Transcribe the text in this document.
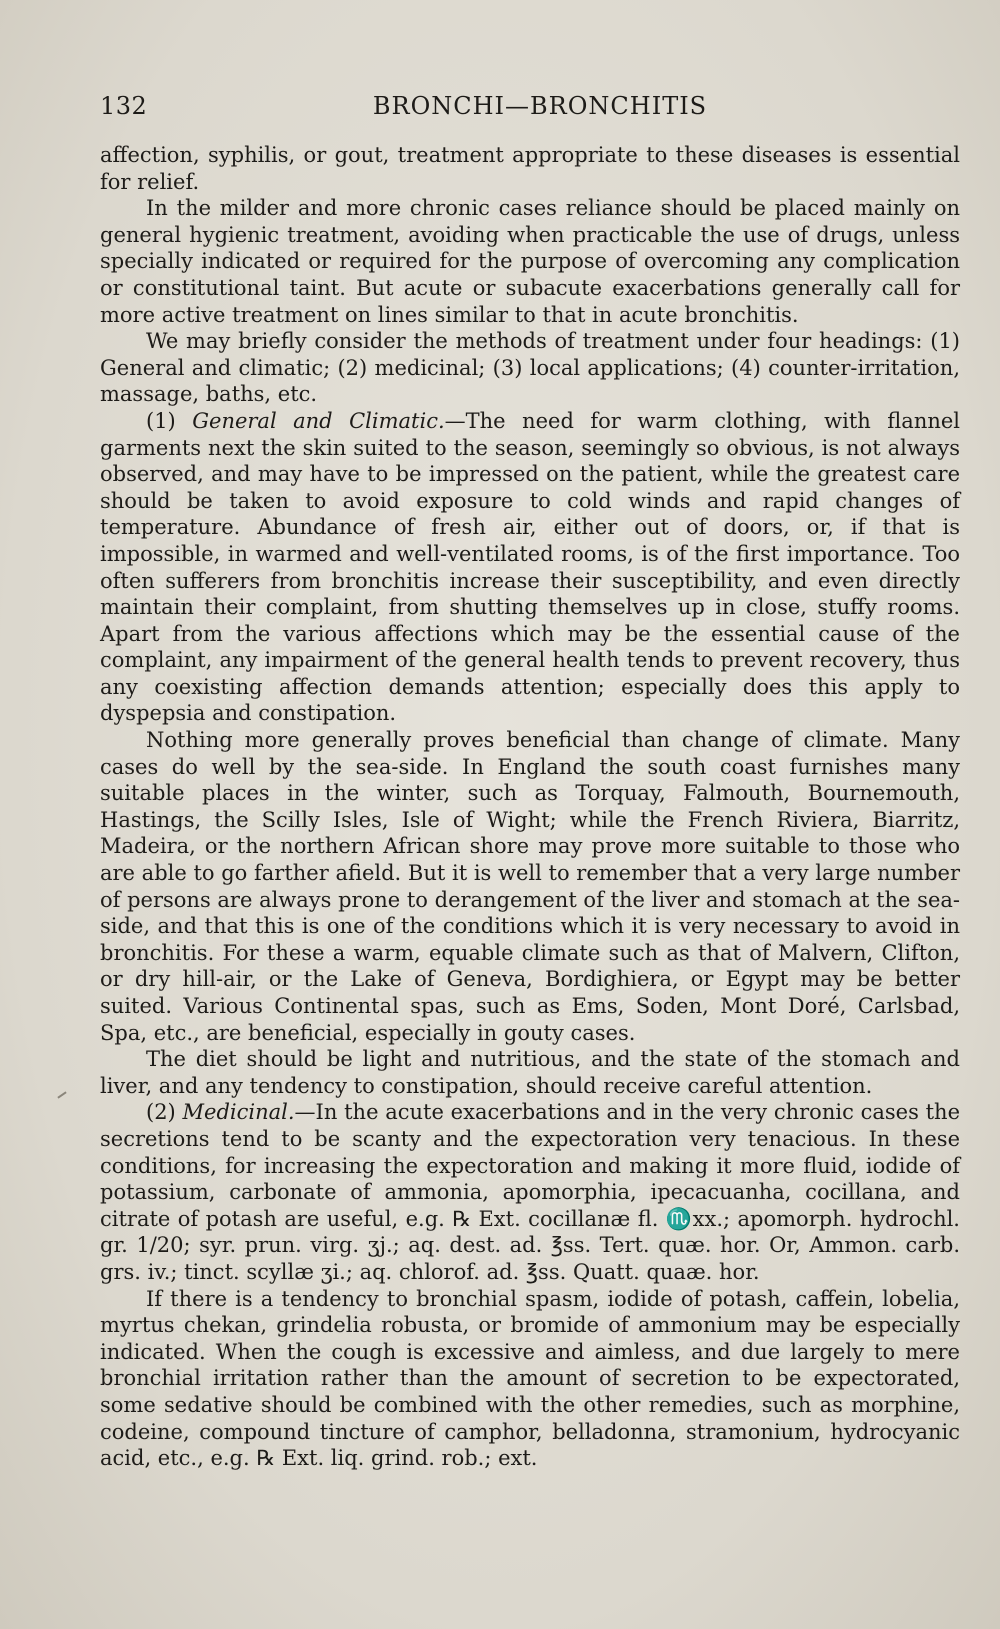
132	BRONCHI—BRONCHITIS

affection, syphilis, or gout, treatment appropriate to these diseases is essential for relief.

In the milder and more chronic cases reliance should be placed mainly on general hygienic treatment, avoiding when practicable the use of drugs, unless specially indicated or required for the purpose of overcoming any complication or constitutional taint. But acute or subacute exacerbations generally call for more active treatment on lines similar to that in acute bronchitis.

We may briefly consider the methods of treatment under four headings: (1) General and climatic; (2) medicinal; (3) local applications; (4) counter-irritation, massage, baths, etc.

(1) General and Climatic.—The need for warm clothing, with flannel garments next the skin suited to the season, seemingly so obvious, is not always observed, and may have to be impressed on the patient, while the greatest care should be taken to avoid exposure to cold winds and rapid changes of temperature. Abundance of fresh air, either out of doors, or, if that is impossible, in warmed and well-ventilated rooms, is of the first importance. Too often sufferers from bronchitis increase their susceptibility, and even directly maintain their complaint, from shutting themselves up in close, stuffy rooms. Apart from the various affections which may be the essential cause of the complaint, any impairment of the general health tends to prevent recovery, thus any coexisting affection demands attention; especially does this apply to dyspepsia and constipation.

Nothing more generally proves beneficial than change of climate. Many cases do well by the sea-side. In England the south coast furnishes many suitable places in the winter, such as Torquay, Falmouth, Bournemouth, Hastings, the Scilly Isles, Isle of Wight; while the French Riviera, Biarritz, Madeira, or the northern African shore may prove more suitable to those who are able to go farther afield. But it is well to remember that a very large number of persons are always prone to derangement of the liver and stomach at the sea-side, and that this is one of the conditions which it is very necessary to avoid in bronchitis. For these a warm, equable climate such as that of Malvern, Clifton, or dry hill-air, or the Lake of Geneva, Bordighiera, or Egypt may be better suited. Various Continental spas, such as Ems, Soden, Mont Doré, Carlsbad, Spa, etc., are beneficial, especially in gouty cases.

The diet should be light and nutritious, and the state of the stomach and liver, and any tendency to constipation, should receive careful attention.

(2) Medicinal.—In the acute exacerbations and in the very chronic cases the secretions tend to be scanty and the expectoration very tenacious. In these conditions, for increasing the expectoration and making it more fluid, iodide of potassium, carbonate of ammonia, apomorphia, ipecacuanha, cocillana, and citrate of potash are useful, e.g. ℞ Ext. cocillanæ fl. ♏xx.; apomorph. hydrochl. gr. 1/20; syr. prun. virg. ʒj.; aq. dest. ad. ℥ss. Tert. quæ. hor. Or, Ammon. carb. grs. iv.; tinct. scyllæ ʒi.; aq. chlorof. ad. ℥ss. Quatt. quaæ. hor.

If there is a tendency to bronchial spasm, iodide of potash, caffein, lobelia, myrtus chekan, grindelia robusta, or bromide of ammonium may be especially indicated. When the cough is excessive and aimless, and due largely to mere bronchial irritation rather than the amount of secretion to be expectorated, some sedative should be combined with the other remedies, such as morphine, codeine, compound tincture of camphor, belladonna, stramonium, hydrocyanic acid, etc., e.g. ℞ Ext. liq. grind. rob.; ext.
